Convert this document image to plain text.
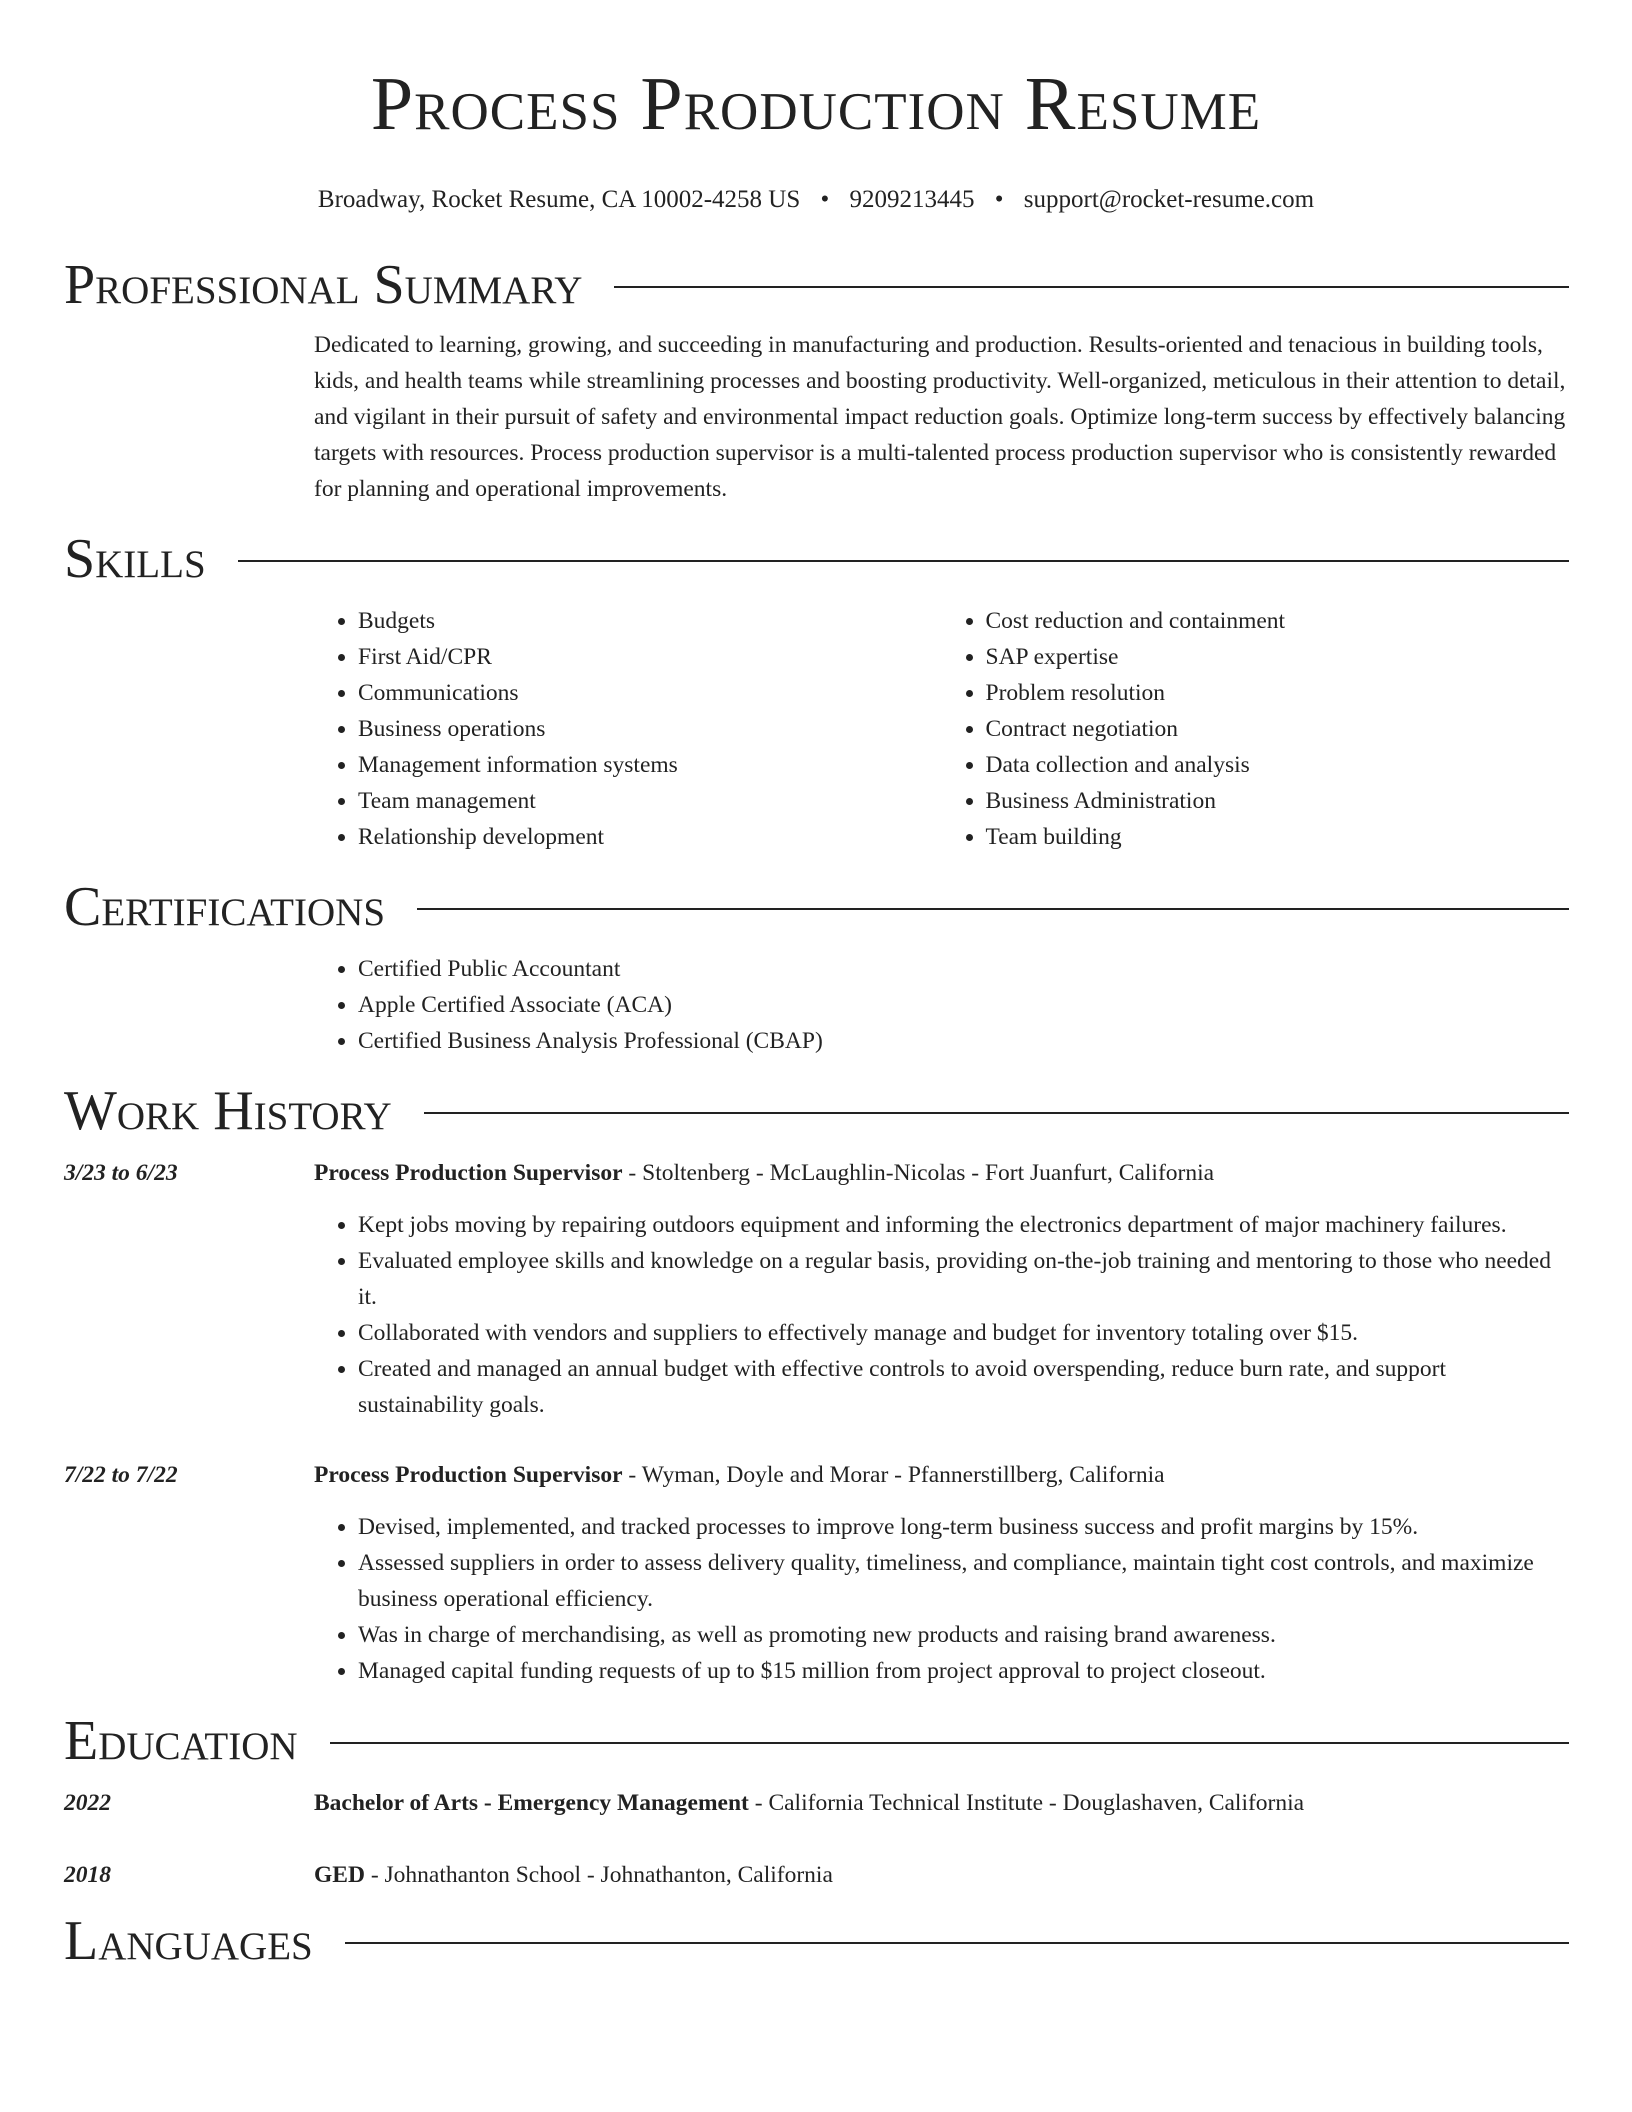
Process Production Resume
Broadway, Rocket Resume, CA 10002-4258 US • 9209213445 • support@rocket-resume.com
Professional Summary

Dedicated to learning, growing, and succeeding in manufacturing and production. Results-oriented and tenacious in building tools, kids, and health teams while streamlining processes and boosting productivity. Well-organized, meticulous in their attention to detail, and vigilant in their pursuit of safety and environmental impact reduction goals. Optimize long-term success by effectively balancing targets with resources. Process production supervisor is a multi-talented process production supervisor who is consistently rewarded for planning and operational improvements.

Skills
• Budgets
• First Aid/CPR
• Communications
• Business operations
• Management information systems
• Team management
• Relationship development
• Cost reduction and containment
• SAP expertise
• Problem resolution
• Contract negotiation
• Data collection and analysis
• Business Administration
• Team building
Certifications
• Certified Public Accountant
• Apple Certified Associate (ACA)
• Certified Business Analysis Professional (CBAP)
Work History
3/23 to 6/23	Process Production Supervisor - Stoltenberg - McLaughlin-Nicolas - Fort Juanfurt, California
• Kept jobs moving by repairing outdoors equipment and informing the electronics department of major machinery failures.
• Evaluated employee skills and knowledge on a regular basis, providing on-the-job training and mentoring to those who needed it.
• Collaborated with vendors and suppliers to effectively manage and budget for inventory totaling over $15.
• Created and managed an annual budget with effective controls to avoid overspending, reduce burn rate, and support sustainability goals.
7/22 to 7/22	Process Production Supervisor - Wyman, Doyle and Morar - Pfannerstillberg, California
• Devised, implemented, and tracked processes to improve long-term business success and profit margins by 15%.
• Assessed suppliers in order to assess delivery quality, timeliness, and compliance, maintain tight cost controls, and maximize business operational efficiency.
• Was in charge of merchandising, as well as promoting new products and raising brand awareness.
• Managed capital funding requests of up to $15 million from project approval to project closeout.
Education
2022	Bachelor of Arts - Emergency Management - California Technical Institute - Douglashaven, California
2018	GED - Johnathanton School - Johnathanton, California
Languages
